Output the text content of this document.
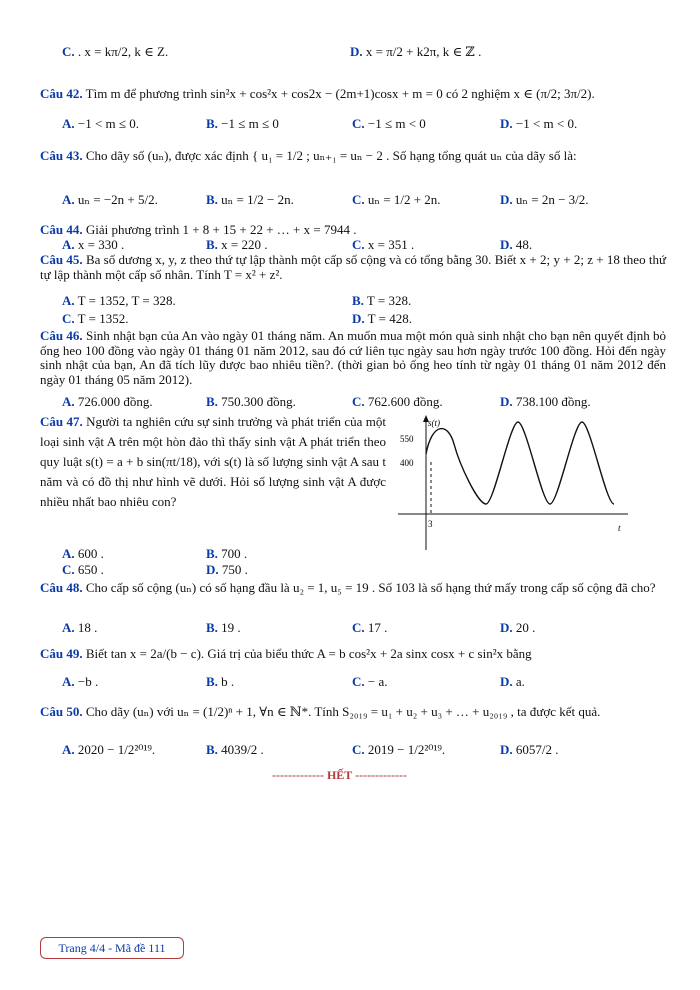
C. . x = kπ/2, k ∈ Z.	D. x = π/2 + k2π, k ∈ ℤ .
Câu 42. Tìm m để phương trình sin²x + cos²x + cos2x − (2m+1)cosx + m = 0 có 2 nghiệm x ∈ (π/2; 3π/2).
A. −1 < m ≤ 0.	B. −1 ≤ m ≤ 0	C. −1 ≤ m < 0	D. −1 < m < 0.
Câu 43. Cho dãy số (uₙ), được xác định { u₁ = 1/2 ; uₙ₊₁ = uₙ − 2 . Số hạng tổng quát uₙ của dãy số là:
A. uₙ = −2n + 5/2.	B. uₙ = 1/2 − 2n.	C. uₙ = 1/2 + 2n.	D. uₙ = 2n − 3/2.
Câu 44. Giải phương trình 1 + 8 + 15 + 22 + … + x = 7944 .
A. x = 330 .	B. x = 220 .	C. x = 351 .	D. 48.
Câu 45. Ba số dương x, y, z theo thứ tự lập thành một cấp số cộng và có tổng bằng 30. Biết x + 2; y + 2; z + 18 theo thứ tự lập thành một cấp số nhân. Tính T = x² + z².
A. T = 1352, T = 328.	B. T = 328.
C. T = 1352.	D. T = 428.
Câu 46. Sinh nhật bạn của An vào ngày 01 tháng năm. An muốn mua một món quà sinh nhật cho bạn nên quyết định bỏ ống heo 100 đồng vào ngày 01 tháng 01 năm 2012, sau đó cứ liên tục ngày sau hơn ngày trước 100 đồng. Hỏi đến ngày sinh nhật của bạn, An đã tích lũy được bao nhiêu tiền?. (thời gian bỏ ống heo tính từ ngày 01 tháng 01 năm 2012 đến ngày 01 tháng 05 năm 2012).
A. 726.000 đồng.	B. 750.300 đồng.	C. 762.600 đồng.	D. 738.100 đồng.
Câu 47. Người ta nghiên cứu sự sinh trưởng và phát triển của một loại sinh vật A trên một hòn đảo thì thấy sinh vật A phát triển theo quy luật s(t) = a + b sin(πt/18), với s(t) là số lượng sinh vật A sau t năm và có đồ thị như hình vẽ dưới. Hỏi số lượng sinh vật A được nhiều nhất bao nhiêu con?
s(t)
550
400
3	t
A. 600 .	B. 700 .
C. 650 .	D. 750 .
Câu 48. Cho cấp số cộng (uₙ) có số hạng đầu là u₂ = 1, u₅ = 19 . Số 103 là số hạng thứ mấy trong cấp số cộng đã cho?
A. 18 .	B. 19 .	C. 17 .	D. 20 .
Câu 49. Biết tan x = 2a/(b − c). Giá trị của biểu thức A = b cos²x + 2a sinx cosx + c sin²x bằng
A. −b .	B. b .	C. − a.	D. a.
Câu 50. Cho dãy (uₙ) với uₙ = (1/2)ⁿ + 1, ∀n ∈ ℕ*. Tính S₂₀₁₉ = u₁ + u₂ + u₃ + … + u₂₀₁₉ , ta được kết quả.
A. 2020 − 1/2²⁰¹⁹.	B. 4039/2 .	C. 2019 − 1/2²⁰¹⁹.	D. 6057/2 .
------------- HẾT -------------
Trang 4/4 - Mã đề 111
